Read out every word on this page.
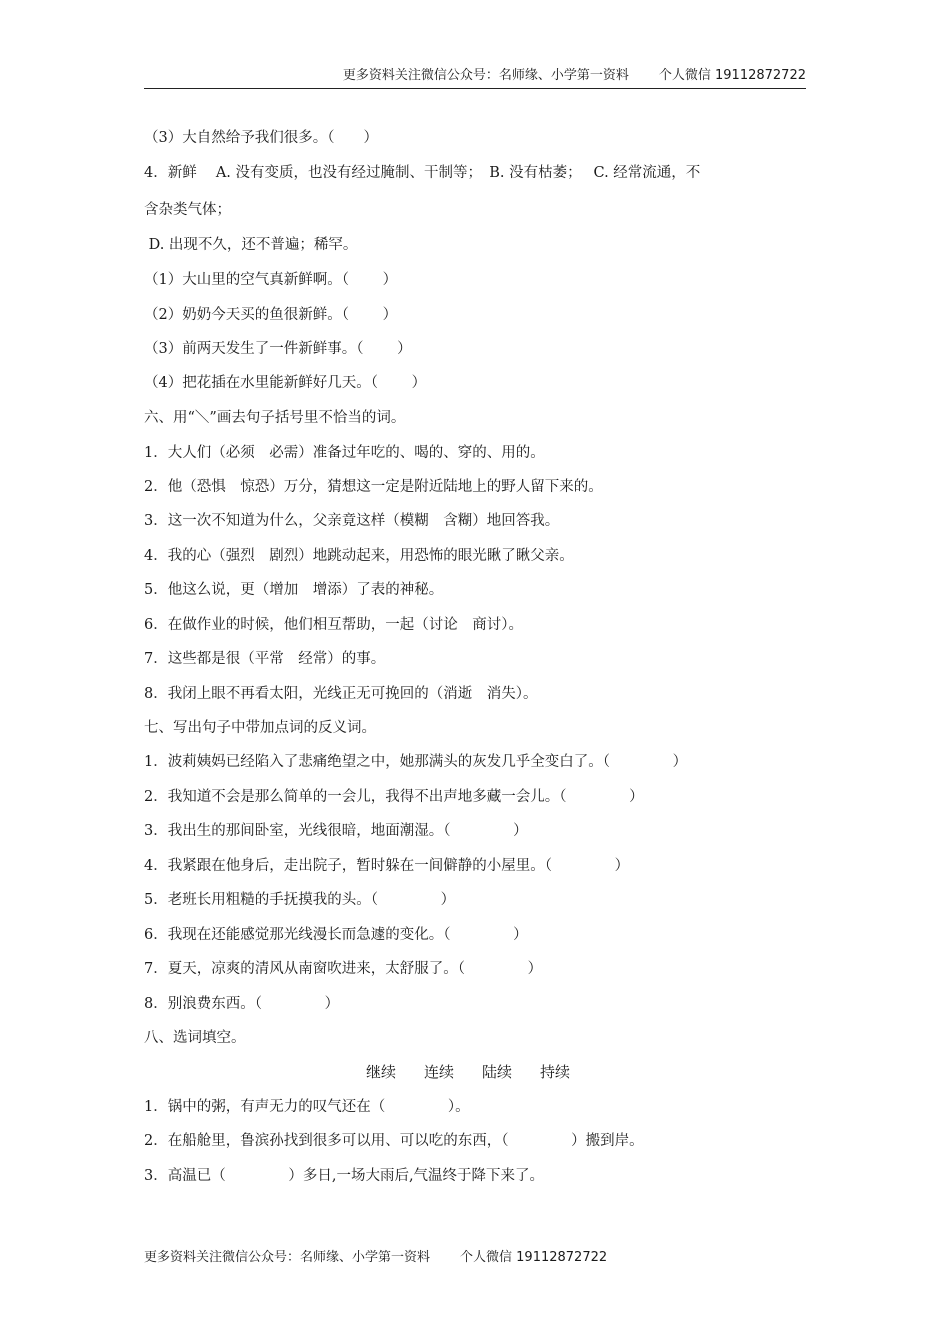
更多资料关注微信公众号：名师缘、小学第一资料 个人微信 19112872722
（3）大自然给予我们很多。（　　）
4．新鲜　 A. 没有变质，也没有经过腌制、干制等；　B. 没有枯萎；　 C. 经常流通，不
含杂类气体；
D. 出现不久，还不普遍；稀罕。
（1）大山里的空气真新鲜啊。（　　 ）
（2）奶奶今天买的鱼很新鲜。（　　 ）
（3）前两天发生了一件新鲜事。（　　 ）
（4）把花插在水里能新鲜好几天。（　　 ）
六、用“＼”画去句子括号里不恰当的词。
1．大人们（必须　必需）准备过年吃的、喝的、穿的、用的。
2．他（恐惧　惊恐）万分，猜想这一定是附近陆地上的野人留下来的。
3．这一次不知道为什么，父亲竟这样（模糊　含糊）地回答我。
4．我的心（强烈　剧烈）地跳动起来，用恐怖的眼光瞅了瞅父亲。
5．他这么说，更（增加　增添）了表的神秘。
6．在做作业的时候，他们相互帮助，一起（讨论　商讨）。
7．这些都是很（平常　经常）的事。
8．我闭上眼不再看太阳，光线正无可挽回的（消逝　消失）。
七、写出句子中带加点词的反义词。
1．波莉姨妈已经陷入了悲痛绝望之中，她那满头的灰发几乎全变白了。（　　　　 ）
2．我知道不会是那么简单的一会儿，我得不出声地多藏一会儿。（　　　　 ）
3．我出生的那间卧室，光线很暗，地面潮湿。（　　　　 ）
4．我紧跟在他身后，走出院子，暂时躲在一间僻静的小屋里。（　　　　 ）
5．老班长用粗糙的手抚摸我的头。（　　　　 ）
6．我现在还能感觉那光线漫长而急遽的变化。（　　　　 ）
7．夏天，凉爽的清风从南窗吹进来，太舒服了。（　　　　 ）
8．别浪费东西。（　　　　 ）
八、选词填空。
继续 连续 陆续 持续
1．锅中的粥，有声无力的叹气还在（　　　　 ）。
2．在船舱里，鲁滨孙找到很多可以用、可以吃的东西，（　　　　 ）搬到岸。
3．高温已（　　　　 ）多日,一场大雨后,气温终于降下来了。
更多资料关注微信公众号：名师缘、小学第一资料 个人微信 19112872722
